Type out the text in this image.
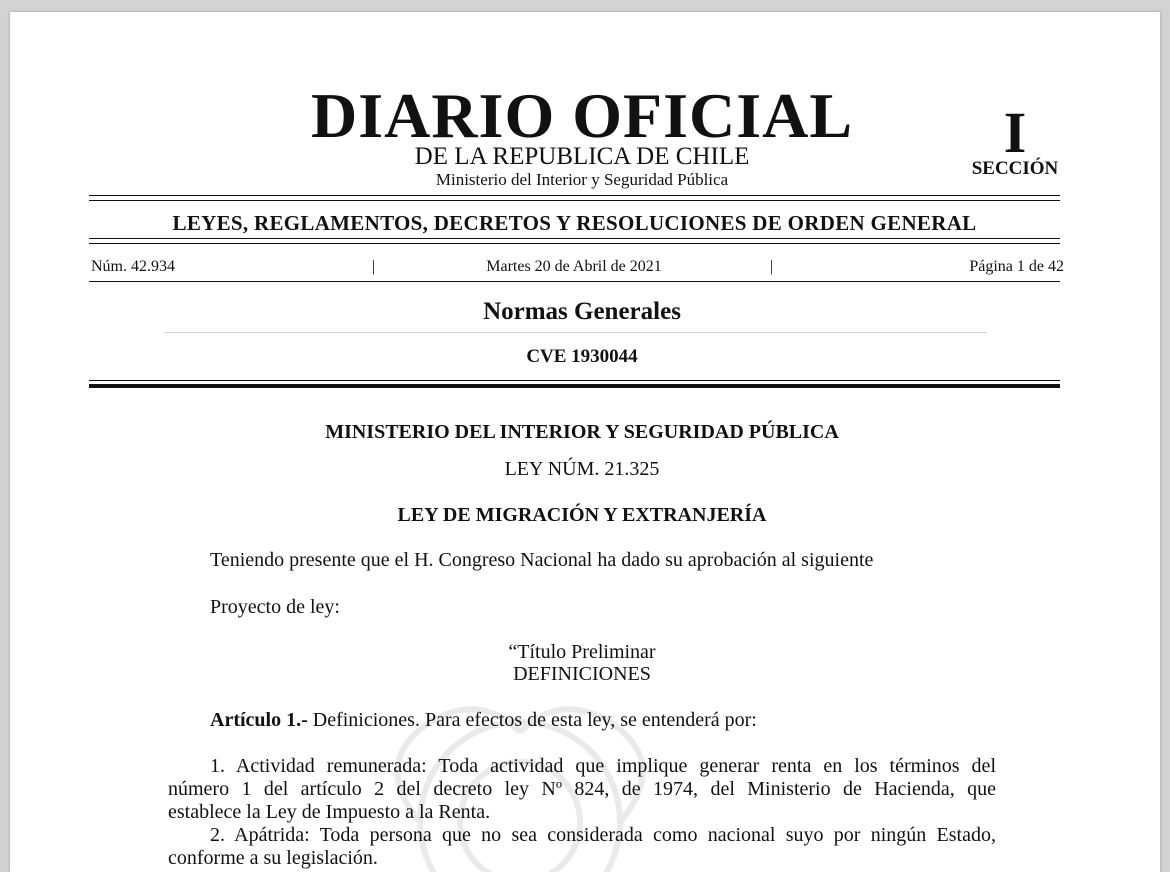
DIARIO OFICIAL
DE LA REPUBLICA DE CHILE
Ministerio del Interior y Seguridad Pública
I
SECCIÓN
LEYES, REGLAMENTOS, DECRETOS Y RESOLUCIONES DE ORDEN GENERAL
Núm. 42.934	|	Martes 20 de Abril de 2021	|	Página 1 de 42
Normas Generales
CVE 1930044
MINISTERIO DEL INTERIOR Y SEGURIDAD PÚBLICA
LEY NÚM. 21.325
LEY DE MIGRACIÓN Y EXTRANJERÍA
Teniendo presente que el H. Congreso Nacional ha dado su aprobación al siguiente
Proyecto de ley:
“Título Preliminar
DEFINICIONES
Artículo 1.- Definiciones. Para efectos de esta ley, se entenderá por:
1. Actividad remunerada: Toda actividad que implique generar renta en los términos del
número 1 del artículo 2 del decreto ley Nº 824, de 1974, del Ministerio de Hacienda, que
establece la Ley de Impuesto a la Renta.
2. Apátrida: Toda persona que no sea considerada como nacional suyo por ningún Estado,
conforme a su legislación.
